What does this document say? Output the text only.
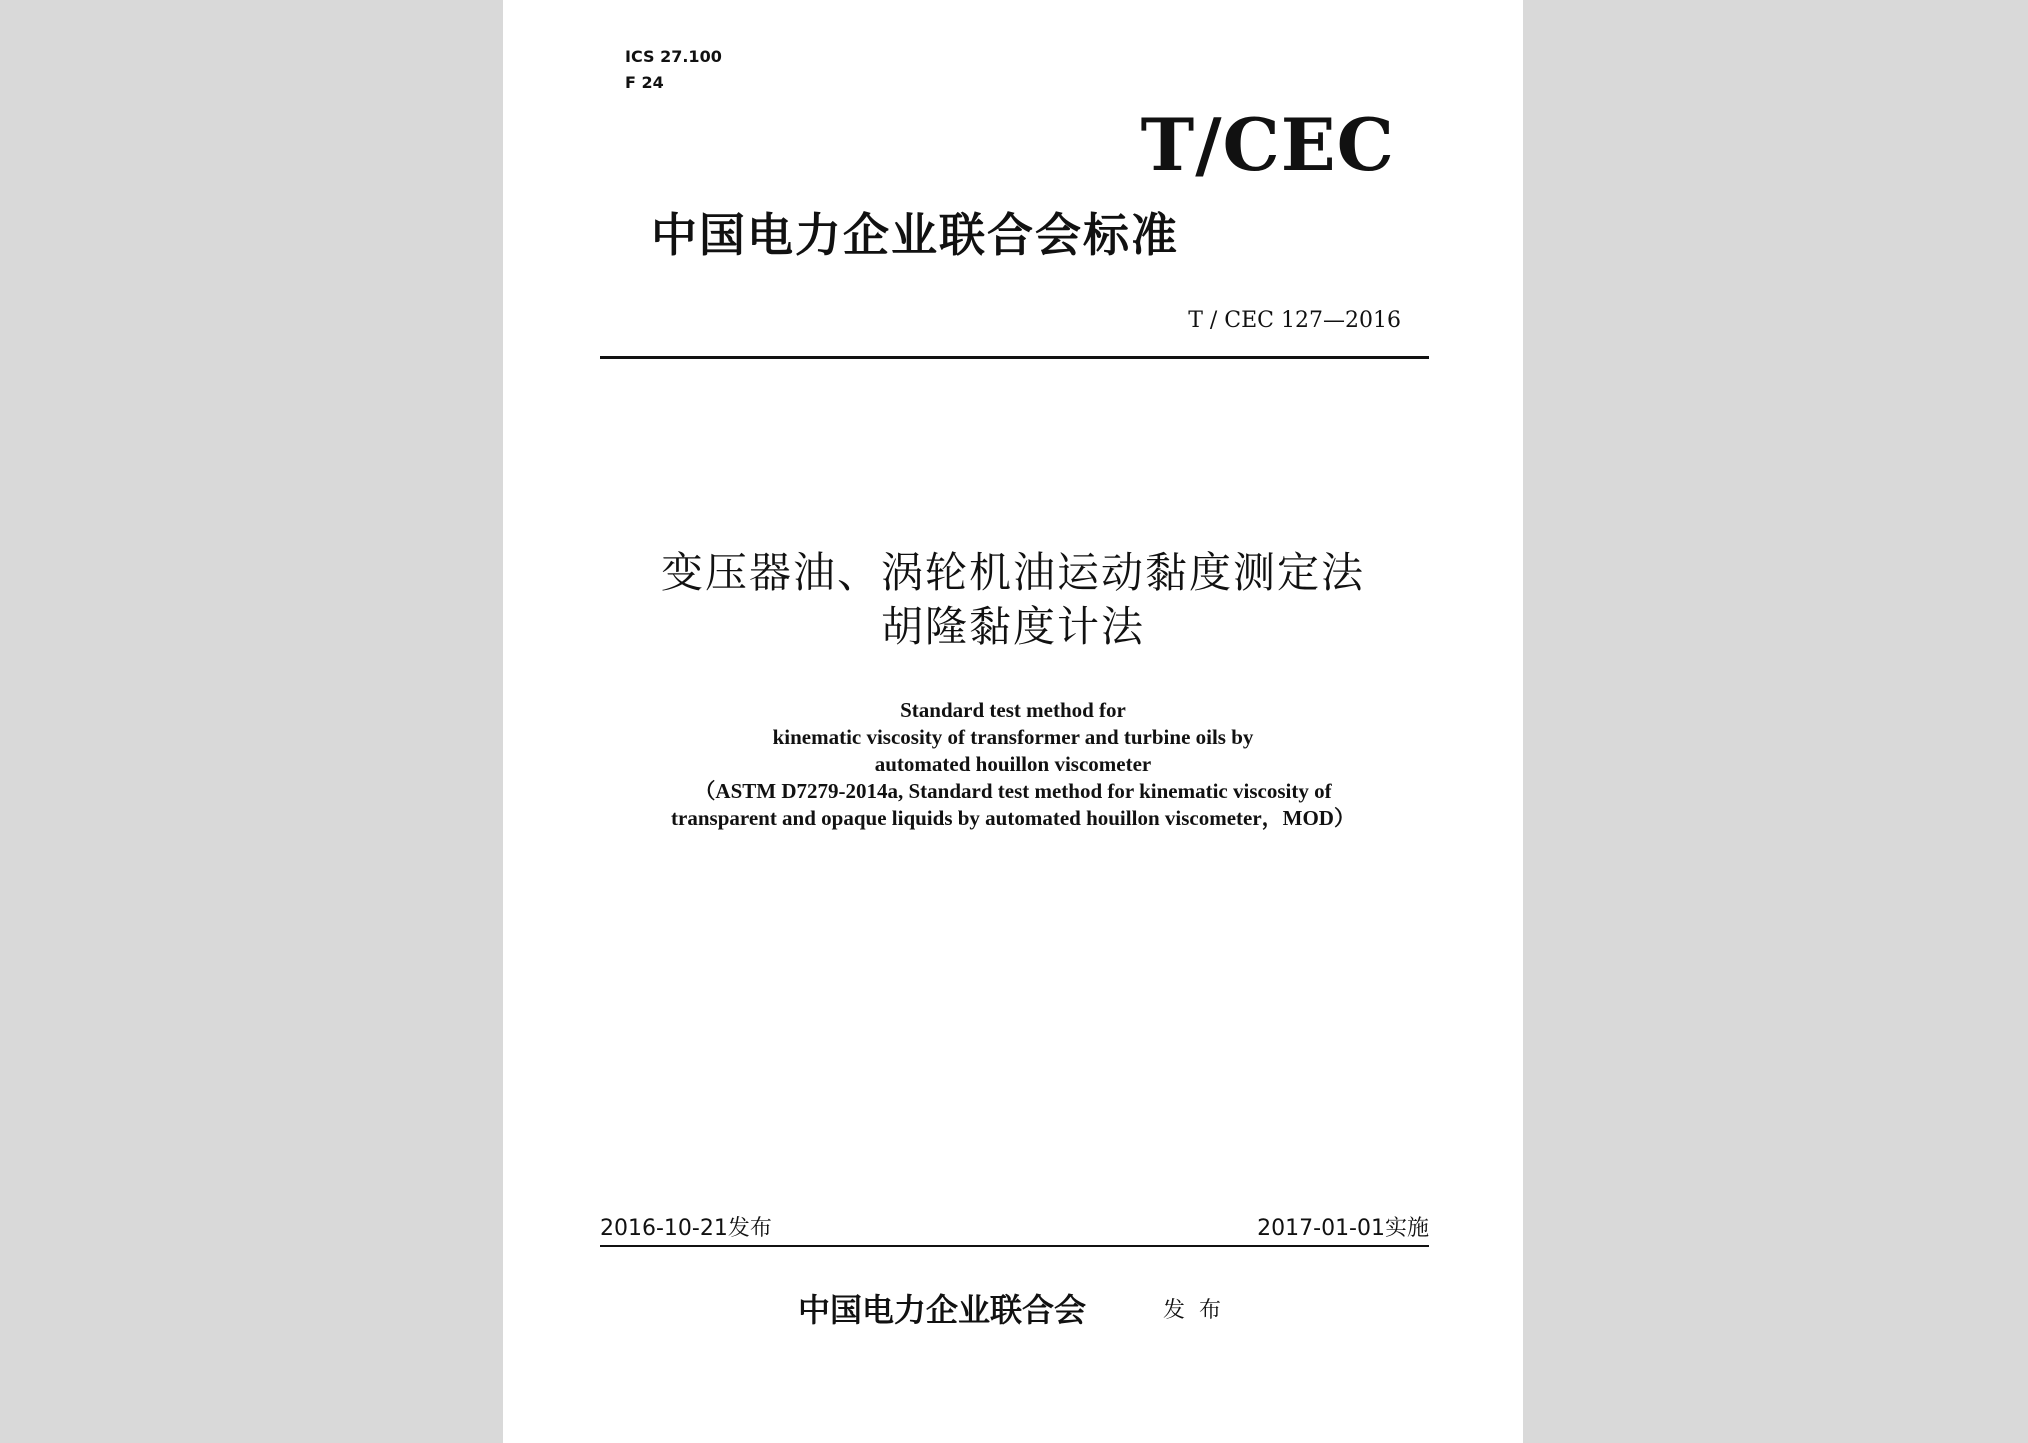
ICS 27.100

F 24

T/CEC

中国电力企业联合会标准

T / CEC 127—2016

变压器油、涡轮机油运动黏度测定法

胡隆黏度计法

Standard test method for
kinematic viscosity of transformer and turbine oils by
automated houillon viscometer
（ASTM D7279-2014a, Standard test method for kinematic viscosity of
transparent and opaque liquids by automated houillon viscometer，MOD）

2016-10-21发布	2017-01-01实施

中国电力企业联合会	发布
